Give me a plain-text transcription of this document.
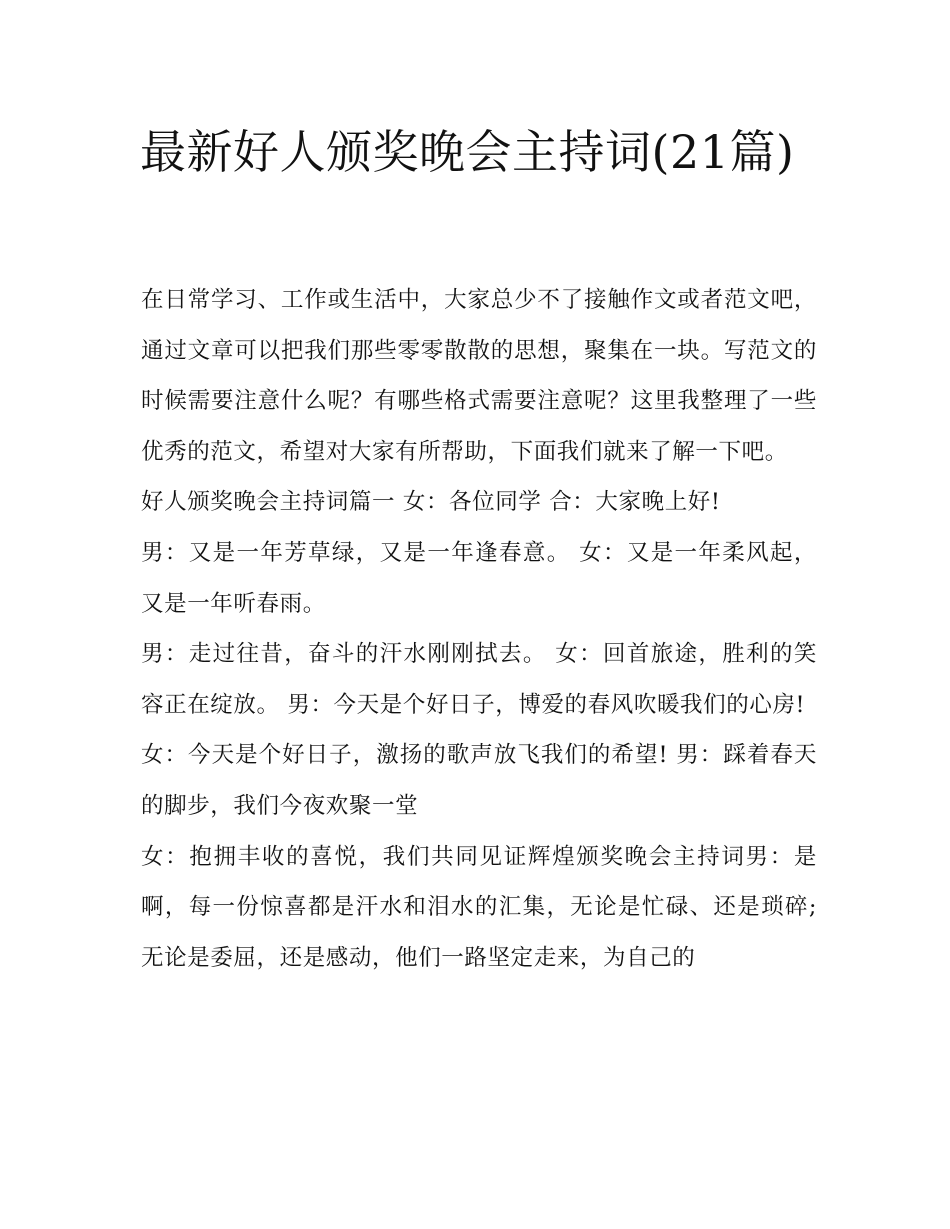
最新好人颁奖晚会主持词(21篇)

在日常学习、工作或生活中，大家总少不了接触作文或者范文吧，通过文章可以把我们那些零零散散的思想，聚集在一块。写范文的时候需要注意什么呢？有哪些格式需要注意呢？这里我整理了一些优秀的范文，希望对大家有所帮助，下面我们就来了解一下吧。

好人颁奖晚会主持词篇一 女：各位同学 合：大家晚上好!

男：又是一年芳草绿，又是一年逢春意。 女：又是一年柔风起，又是一年听春雨。

男：走过往昔，奋斗的汗水刚刚拭去。 女：回首旅途，胜利的笑容正在绽放。 男：今天是个好日子，博爱的春风吹暖我们的心房!

女：今天是个好日子，激扬的歌声放飞我们的希望! 男：踩着春天的脚步，我们今夜欢聚一堂

女：抱拥丰收的喜悦，我们共同见证辉煌颁奖晚会主持词男：是啊，每一份惊喜都是汗水和泪水的汇集，无论是忙碌、还是琐碎;无论是委屈，还是感动，他们一路坚定走来，为自己的
